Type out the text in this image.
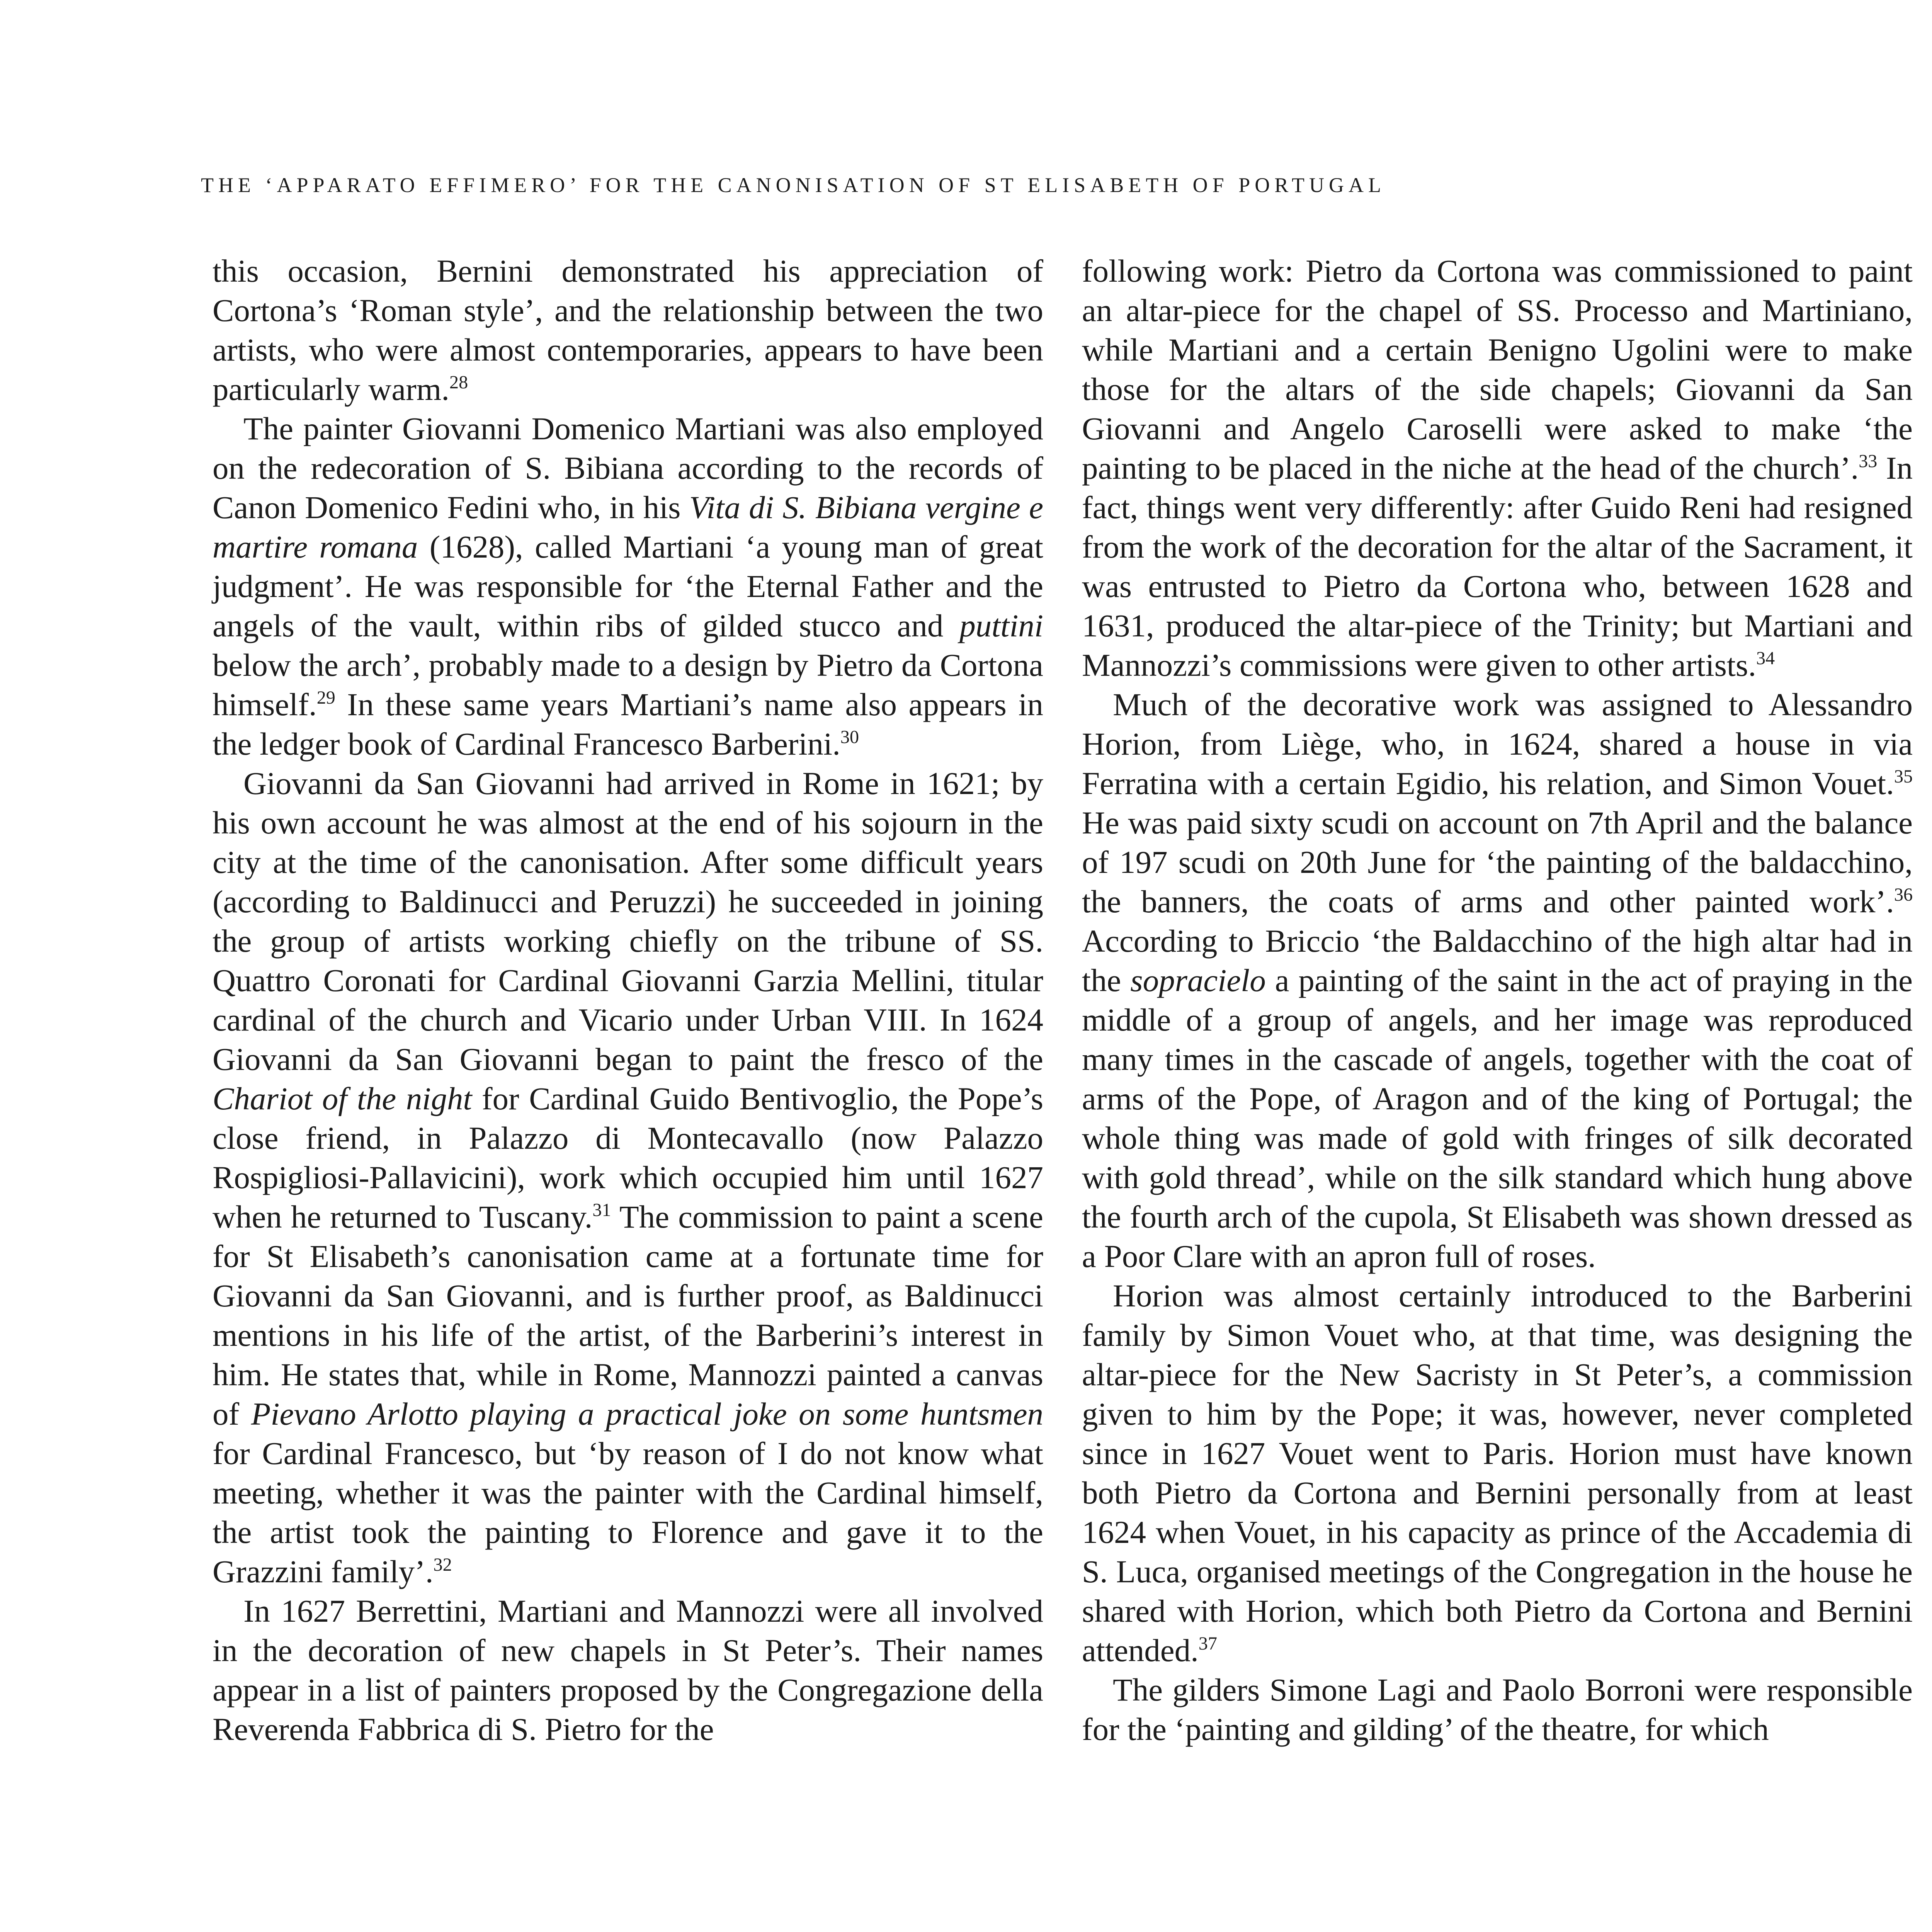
THE ‘APPARATO EFFIMERO’ FOR THE CANONISATION OF ST ELISABETH OF PORTUGAL

this occasion, Bernini demonstrated his appreciation of Cortona’s ‘Roman style’, and the relationship between the two artists, who were almost contemporaries, appears to have been particularly warm.$^{28}$

The painter Giovanni Domenico Martiani was also employed on the redecoration of S. Bibiana according to the records of Canon Domenico Fedini who, in his Vita di S. Bibiana vergine e martire romana (1628), called Martiani ‘a young man of great judgment’. He was responsible for ‘the Eternal Father and the angels of the vault, within ribs of gilded stucco and puttini below the arch’, probably made to a design by Pietro da Cortona himself.$^{29}$ In these same years Martiani’s name also appears in the ledger book of Cardinal Francesco Barberini.$^{30}$

Giovanni da San Giovanni had arrived in Rome in 1621; by his own account he was almost at the end of his sojourn in the city at the time of the canonisation. After some difficult years (according to Baldinucci and Peruzzi) he succeeded in joining the group of artists working chiefly on the tribune of SS. Quattro Coronati for Cardinal Giovanni Garzia Mellini, titular cardinal of the church and Vicario under Urban VIII. In 1624 Giovanni da San Giovanni began to paint the fresco of the Chariot of the night for Cardinal Guido Bentivoglio, the Pope’s close friend, in Palazzo di Montecavallo (now Palazzo Rospigliosi-Pallavicini), work which occupied him until 1627 when he returned to Tuscany.$^{31}$ The commission to paint a scene for St Elisabeth’s canonisation came at a fortunate time for Giovanni da San Giovanni, and is further proof, as Baldinucci mentions in his life of the artist, of the Barberini’s interest in him. He states that, while in Rome, Mannozzi painted a canvas of Pievano Arlotto playing a practical joke on some huntsmen for Cardinal Francesco, but ‘by reason of I do not know what meeting, whether it was the painter with the Cardinal himself, the artist took the painting to Florence and gave it to the Grazzini family’.$^{32}$

In 1627 Berrettini, Martiani and Mannozzi were all involved in the decoration of new chapels in St Peter’s. Their names appear in a list of painters proposed by the Congregazione della Reverenda Fabbrica di S. Pietro for the

following work: Pietro da Cortona was commissioned to paint an altar-piece for the chapel of SS. Processo and Martiniano, while Martiani and a certain Benigno Ugolini were to make those for the altars of the side chapels; Giovanni da San Giovanni and Angelo Caroselli were asked to make ‘the painting to be placed in the niche at the head of the church’.$^{33}$ In fact, things went very differently: after Guido Reni had resigned from the work of the decoration for the altar of the Sacrament, it was entrusted to Pietro da Cortona who, between 1628 and 1631, produced the altar-piece of the Trinity; but Martiani and Mannozzi’s commissions were given to other artists.$^{34}$

Much of the decorative work was assigned to Alessandro Horion, from Liège, who, in 1624, shared a house in via Ferratina with a certain Egidio, his relation, and Simon Vouet.$^{35}$ He was paid sixty scudi on account on 7th April and the balance of 197 scudi on 20th June for ‘the painting of the baldacchino, the banners, the coats of arms and other painted work’.$^{36}$ According to Briccio ‘the Baldacchino of the high altar had in the sopracielo a painting of the saint in the act of praying in the middle of a group of angels, and her image was reproduced many times in the cascade of angels, together with the coat of arms of the Pope, of Aragon and of the king of Portugal; the whole thing was made of gold with fringes of silk decorated with gold thread’, while on the silk standard which hung above the fourth arch of the cupola, St Elisabeth was shown dressed as a Poor Clare with an apron full of roses.

Horion was almost certainly introduced to the Barberini family by Simon Vouet who, at that time, was designing the altar-piece for the New Sacristy in St Peter’s, a commission given to him by the Pope; it was, however, never completed since in 1627 Vouet went to Paris. Horion must have known both Pietro da Cortona and Bernini personally from at least 1624 when Vouet, in his capacity as prince of the Accademia di S. Luca, organised meetings of the Congregation in the house he shared with Horion, which both Pietro da Cortona and Bernini attended.$^{37}$

The gilders Simone Lagi and Paolo Borroni were responsible for the ‘painting and gilding’ of the theatre, for which
